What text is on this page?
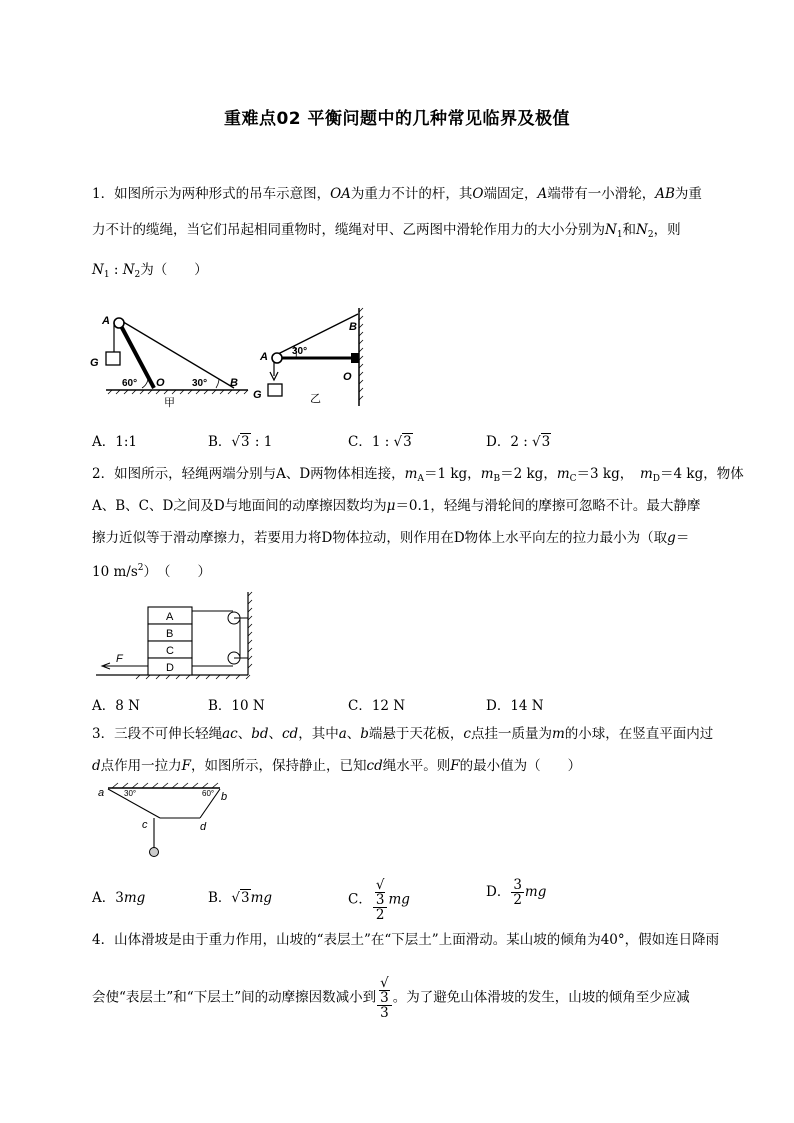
重难点02 平衡问题中的几种常见临界及极值
1．如图所示为两种形式的吊车示意图，OA为重力不计的杆，其O端固定，A端带有一小滑轮，AB为重
力不计的缆绳，当它们吊起相同重物时，缆绳对甲、乙两图中滑轮作用力的大小分别为$N_1$和$N_2$，则
$N_1$ : $N_2$为（　　）
A
G
60° O	30° B
甲
A 30°
B
O
G	乙
A．1:1	B．√3 : 1	C．1 : √3	D．2 : √3
2．如图所示，轻绳两端分别与A、D两物体相连接，$m_A=1$ kg，$m_B=2$ kg，$m_C=3$ kg，　$m_D=4$ kg，物体
A、B、C、D之间及D与地面间的动摩擦因数均为μ＝0.1，轻绳与滑轮间的摩擦可忽略不计。最大静摩
擦力近似等于滑动摩擦力，若要用力将D物体拉动，则作用在D物体上水平向左的拉力最小为（取g＝
10 $m/s^2$）　（　　）
A
B
C
D
F
A．8 N	B．10 N	C．12 N	D．14 N
3．三段不可伸长轻绳ac、bd、cd，其中a、b端悬于天花板，c点挂一质量为m的小球，在竖直平面内过
d点作用一拉力F，如图所示，保持静止，已知cd绳水平。则F的最小值为（　　）
a 30°	60° b
c	d
A．3mg	B．√3mg	C． √
3
2 mg	D． $\frac{3}{2}$ mg
4．山体滑坡是由于重力作用，山坡的“表层土”在“下层土”上面滑动。某山坡的倾角为40°，假如连日降雨
会使“表层土”和“下层土”间的动摩擦因数减小到 √
3
3 。为了避免山体滑坡的发生，山坡的倾角至少应减
